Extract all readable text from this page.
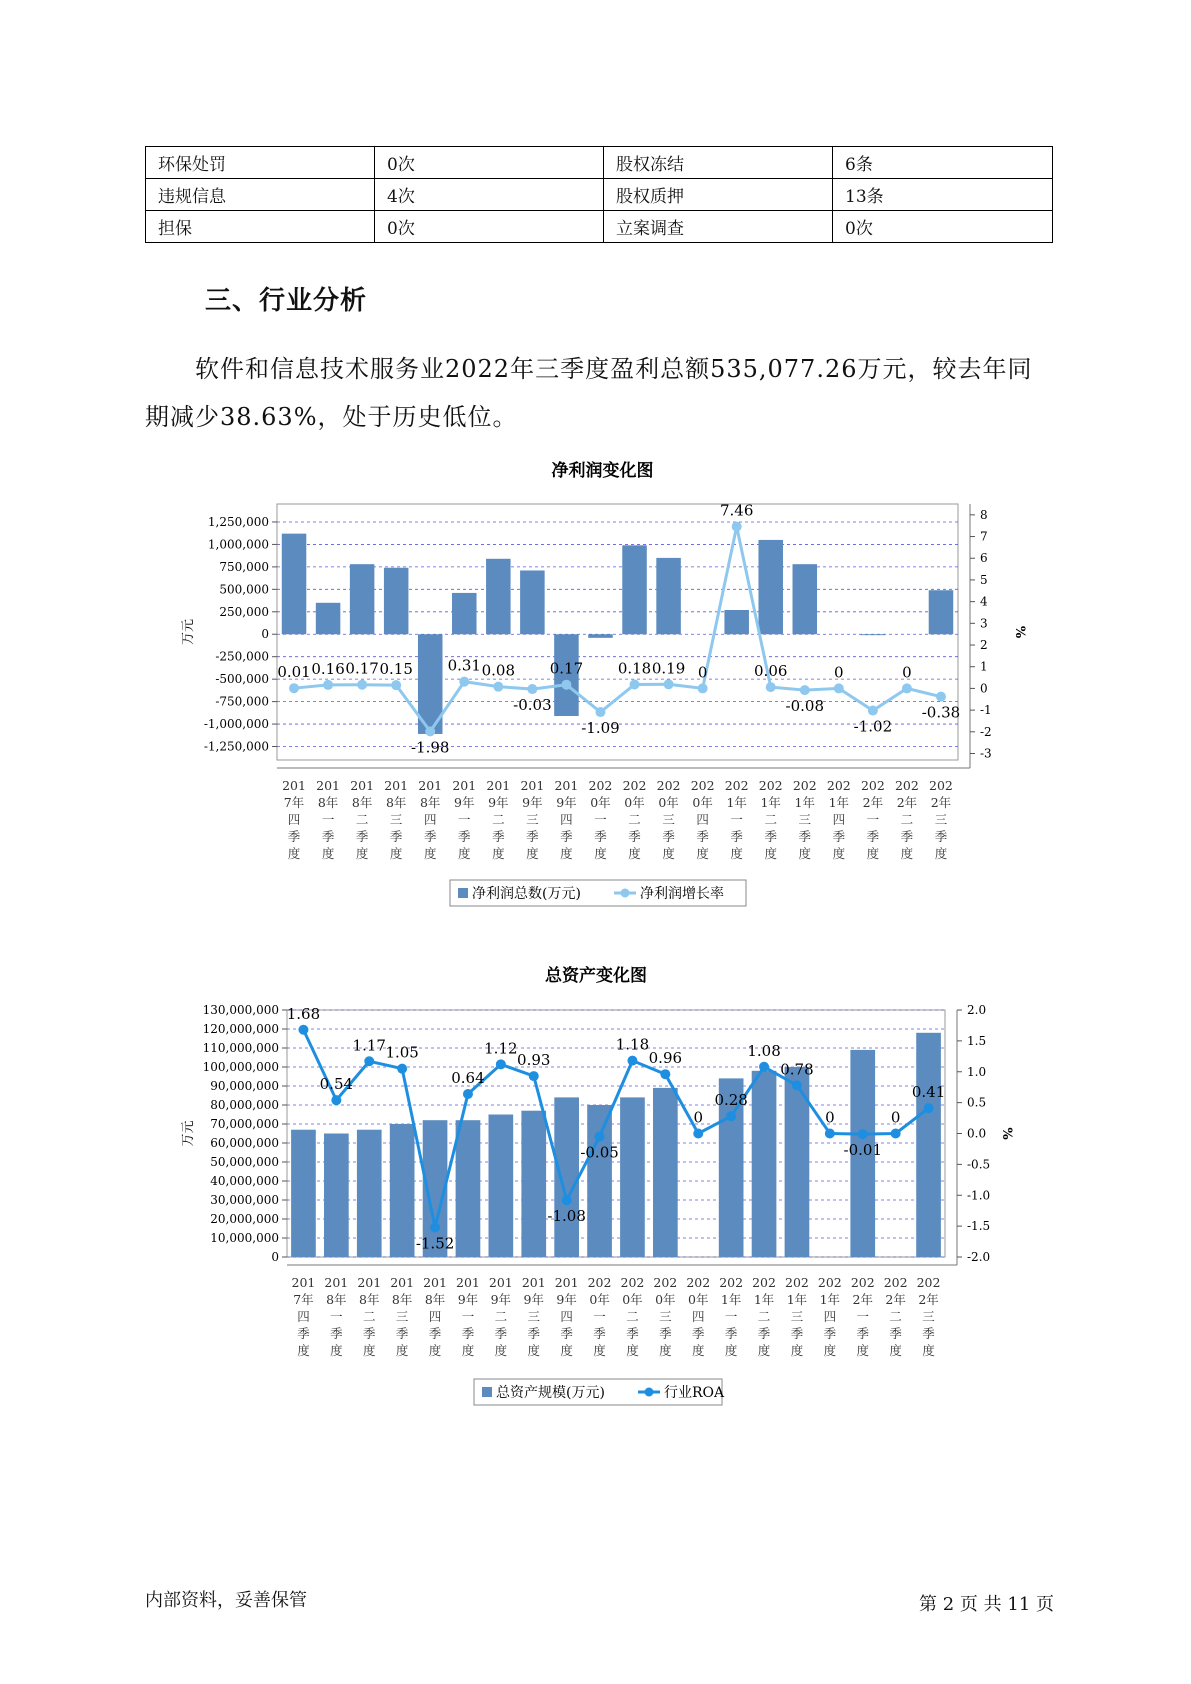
环保处罚	0次	股权冻结	6条
违规信息	4次	股权质押	13条
担保	0次	立案调查	0次
三、行业分析
软件和信息技术服务业2022年三季度盈利总额535,077.26万元，较去年同期减少38.63%，处于历史低位。
净利润变化图
1,250,000
1,000,000
750,000
500,000
250,000
0
-250,000
-500,000
-750,000
-1,000,000
-1,250,000
8
7
6
5
4
3
2
1
0
-1
-2
-3
万元	%
201
7年
四
季
度
201
8年
一
季
度
201
8年
二
季
度
201
8年
三
季
度
201
8年
四
季
度
201
9年
一
季
度
201
9年
二
季
度
201
9年
三
季
度
201
9年
四
季
度
202
0年
一
季
度
202
0年
二
季
度
202
0年
三
季
度
202
0年
四
季
度
202
1年
一
季
度
202
1年
二
季
度
202
1年
三
季
度
202
1年
四
季
度
202
2年
一
季
度
202
2年
二
季
度
202
2年
三
季
度
0.01 0.16 0.17 0.15
-1.98
0.31 0.08
-0.03
0.17
-1.09
0.18 0.19 0
7.46
0.06
-0.08
0
-1.02
0
-0.38
净利润总数(万元)	净利润增长率
总资产变化图
130,000,000
120,000,000
110,000,000
100,000,000
90,000,000
80,000,000
70,000,000
60,000,000
50,000,000
40,000,000
30,000,000
20,000,000
10,000,000
0
2.0
1.5
1.0
0.5
0.0
-0.5
-1.0
-1.5
-2.0
万元	%
201
7年
四
季
度
201
8年
一
季
度
201
8年
二
季
度
201
8年
三
季
度
201
8年
四
季
度
201
9年
一
季
度
201
9年
二
季
度
201
9年
三
季
度
201
9年
四
季
度
202
0年
一
季
度
202
0年
二
季
度
202
0年
三
季
度
202
0年
四
季
度
202
1年
一
季
度
202
1年
二
季
度
202
1年
三
季
度
202
1年
四
季
度
202
2年
一
季
度
202
2年
二
季
度
202
2年
三
季
度
1.68
0.54
1.17 1.05
-1.52
0.64
1.12
0.93
-1.08
-0.05
1.18
0.96
0
0.28
1.08
0.78
0
-0.01
0
0.41
总资产规模(万元)	行业ROA
内部资料，妥善保管	第 2 页 共 11 页
